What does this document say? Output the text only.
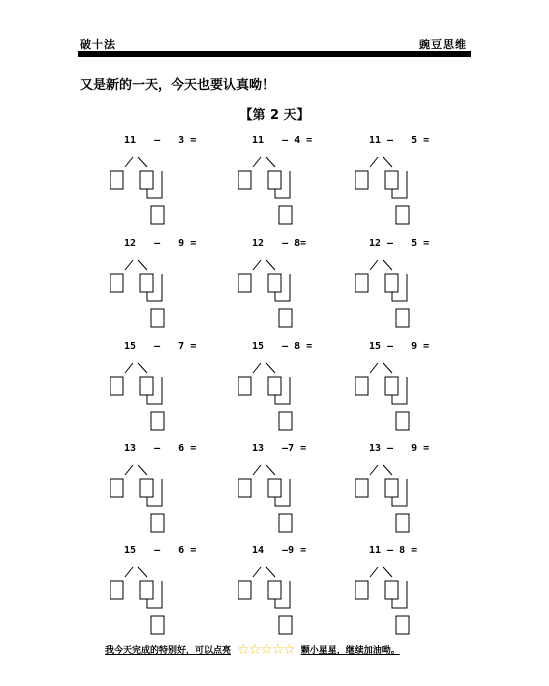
破十法	豌豆思维
又是新的一天，今天也要认真呦！
【第 2 天】
11   –   3 =	11   – 4 =	11 –   5 =
12   –   9 =	12   – 8=	12 –   5 =
15   –   7 =	15   – 8 =	15 –   9 =
13   –   6 =	13   –7 =	13 –   9 =
15   –   6 =	14   –9 =	11 – 8 =
我今天完成的特别好，可以点亮 ☆☆☆☆☆ 颗小星星，继续加油呦。
